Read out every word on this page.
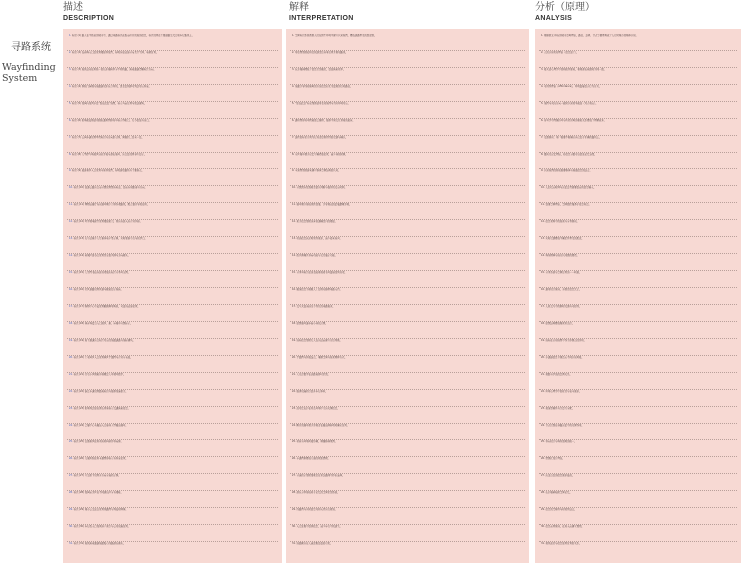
寻路系统
Wayfinding
System
描述
DESCRIPTION
解释
INTERPRETATION
分析（原理）
ANALYSIS
1. 标识 (1) 路人在不熟悉的城市中，通过寻路标识获取前往目的地的信息，标识设置在主要道路交叉口和步行路线上。
2. 标识 (2) 在商场入口处设置楼层导览图，标明各层店铺分布及卫生间、电梯位置。
3. 标识 (3) 地铁站内使用统一的色彩编码区分不同线路，换乘通道清晰标注方向。
4. 标识 (4) 医院门诊楼内地面铺设彩色引导线，患者沿线即可到达对应科室。
5. 标识 (5) 校园内设置多处“您在此处”地图，标示当前位置与周边建筑。
6. 标识 (6) 机场航站楼使用国际通用图形符号标示登机口、行李提取与出口。
7. 标识 (7) 公园步道设置里程标识与方向指示牌，间隔约二百米一处。
8. 标识 (8) 大型停车场按区域以字母与颜色编号，出口处设置寻车提示。
9. 标识 (9) 旅游景区入口设置全景导览图，标明游览路线与主要景点。
10. 标识 (10) 高速公路出口前分级设置预告标志，提前告知距离与方向。
11. 标识 (11) 博物馆展厅内以编号顺序引导参观路线，配合语音导览使用。
12. 标识 (12) 写字楼电梯厅设置楼层索引，列出各层入驻企业名称。
13. 标识 (13) 火车站候车大厅悬挂电子显示屏，实时更新车次与检票口。
14. 标识 (14) 老城区街巷口设置历史街名牌与方向箭头。
15. 标识 (15) 大学图书馆各层书架端头标注分类号范围。
16. 标识 (16) 社区道路设置盲道与触觉提示地砖。
17. 标识 (17) 购物中心中庭设置触摸屏导购机，可查询店铺位置。
18. 标识 (18) 体育场看台入口按区、排、座编号分级标示。
19. 标识 (19) 地下通道出口标注对应的地面道路与地标建筑。
20. 标识 (20) 工业园区入口设置园区平面图与企业分布表。
21. 标识 (21) 住宅小区楼栋外墙喷涂大号楼号数字。
22. 标识 (22) 滨江步道设置距离标识与服务设施指引。
23. 标识 (23) 机场到达层以黄色背景标示交通换乘信息。
24. 标识 (24) 会展中心各展馆入口悬挂大型展馆编号。
25. 标识 (25) 古镇景区使用木质材料制作导向牌。
26. 标识 (26) 儿童医院使用卡通图形标示各科室位置。
27. 标识 (27) 立交桥下设置多方向分流指示牌。
28. 标识 (28) 校园宿舍区以不同颜色区分各楼栋。
29. 标识 (29) 城市公交站台设置线路图与到站时间屏。
30. 标识 (30) 步行街入口设置商户索引与公共设施位置。
31. 标识 (31) 地铁换乘通道地面贴有线路颜色箭头。
1. 空间标识系统帮助人们在陌生环境中建立认知地图，降低迷路带来的焦虑感。
2. 导览图帮助使用者快速定位自身位置并规划路线。
3. 色彩编码降低了信息识别难度，提高换乘效率。
4. 地面引导线将抽象的方位信息转化为直观的行动路径。
5. “您在此处”标记帮助使用者将地图与真实环境对应。
6. 通用图形符号跨越语言障碍，服务不同文化背景的旅客。
7. 连续的标识序列为行进者提供持续的反馈与确认。
8. 分区编号便于记忆车辆停放位置，减少寻找时间。
9. 全景图帮助游客建立整体空间结构的认知。
10. 分级预告给驾驶者留出判断与操作的反应时间。
11. 编号顺序形成线性叙事，引导观众按策展逻辑参观。
12. 索引信息帮助访客快速确定目的楼层。
13. 动态信息满足时效性需求，减少旅客询问。
14. 街名牌兼具导向功能与文化展示功能。
15. 分类号标注使读者能够按索书号直接找到书架。
16. 触觉信息为视障人士提供无障碍寻路支持。
17. 交互式查询满足个性化的寻路需求。
18. 层级编号逐步缩小寻找范围。
19. 地标信息帮助行人在出站前建立方位判断。
20. 平面图与列表结合，兼顾空间与检索两种方式。
21. 大尺度数字在远距离即可识别。
22. 服务设施指引提升步行体验。
23. 高对比色彩在复杂环境中突出关键信息。
24. 醒目的编号便于参观者在展馆间移动时确认位置。
25. 材质与环境风格协调，增强整体氛围。
26. 卡通图形降低儿童的紧张情绪。
27. 分流指示帮助驾驶者在复杂路网中作出选择。
28. 颜色分区形成易于记忆的空间识别系统。
29. 线路图与实时信息共同支持出行规划。
30. 入口处集中提供信息，减少步行中的迷失。
31. 地面箭头在人流密集处依然可见。
1. 根据凯文·林奇的城市意象理论，路径、边界、节点等要素构成了人们对城市的整体认知。
2. 人的认知负荷理论（信息加工）。
3. 格式塔心理学中的相似性原则，相同颜色被感知为同一组。
4. 可供性理论（Affordance），环境直接提示行为方式。
5. 地图与实际方向一致时认知效率最高（对齐效应）。
6. 符号学中图像符号与所指对象的相似关系降低了理解成本。
7. 反馈原则：用户需要不断确认自己处于正确的路线上。
8. 组块化记忆理论，将信息分组可以提高记忆容量。
9. 认知地图的形成需要整体与局部信息的结合。
10. 人的反应时间与决策过程需要提前的信息输入。
11. 叙事空间理论，空间组织服务于信息传达。
12. 信息架构中的检索与分类原则。
13. 实时反馈降低不确定性带来的焦虑。
14. 场所精神与地方认同感的塑造。
15. 分类系统与空间位置的一一映射。
16. 通用设计原则，多感官信息冗余。
17. 人机交互中的即时反馈与可控性。
18. 层级结构降低搜索复杂度。
19. 地标在认知地图中作为参照点的作用。
20. 多通道信息呈现适应不同认知风格。
21. 视距与字高的比例关系。
22. 环境心理学中的舒适与安全需求。
23. 视觉显著性与注意力分配。
24. 节点识别在寻路决策中的关键作用。
25. 导向设计与场所语境的统一。
26. 情感化设计理论。
27. 决策点处的信息需求最高。
28. 色彩编码辅助空间记忆。
29. 信息的完整性与时效性结合。
30. 信息前置原则，在进入前建立预期。
31. 视线高度与信息放置位置的关系。
